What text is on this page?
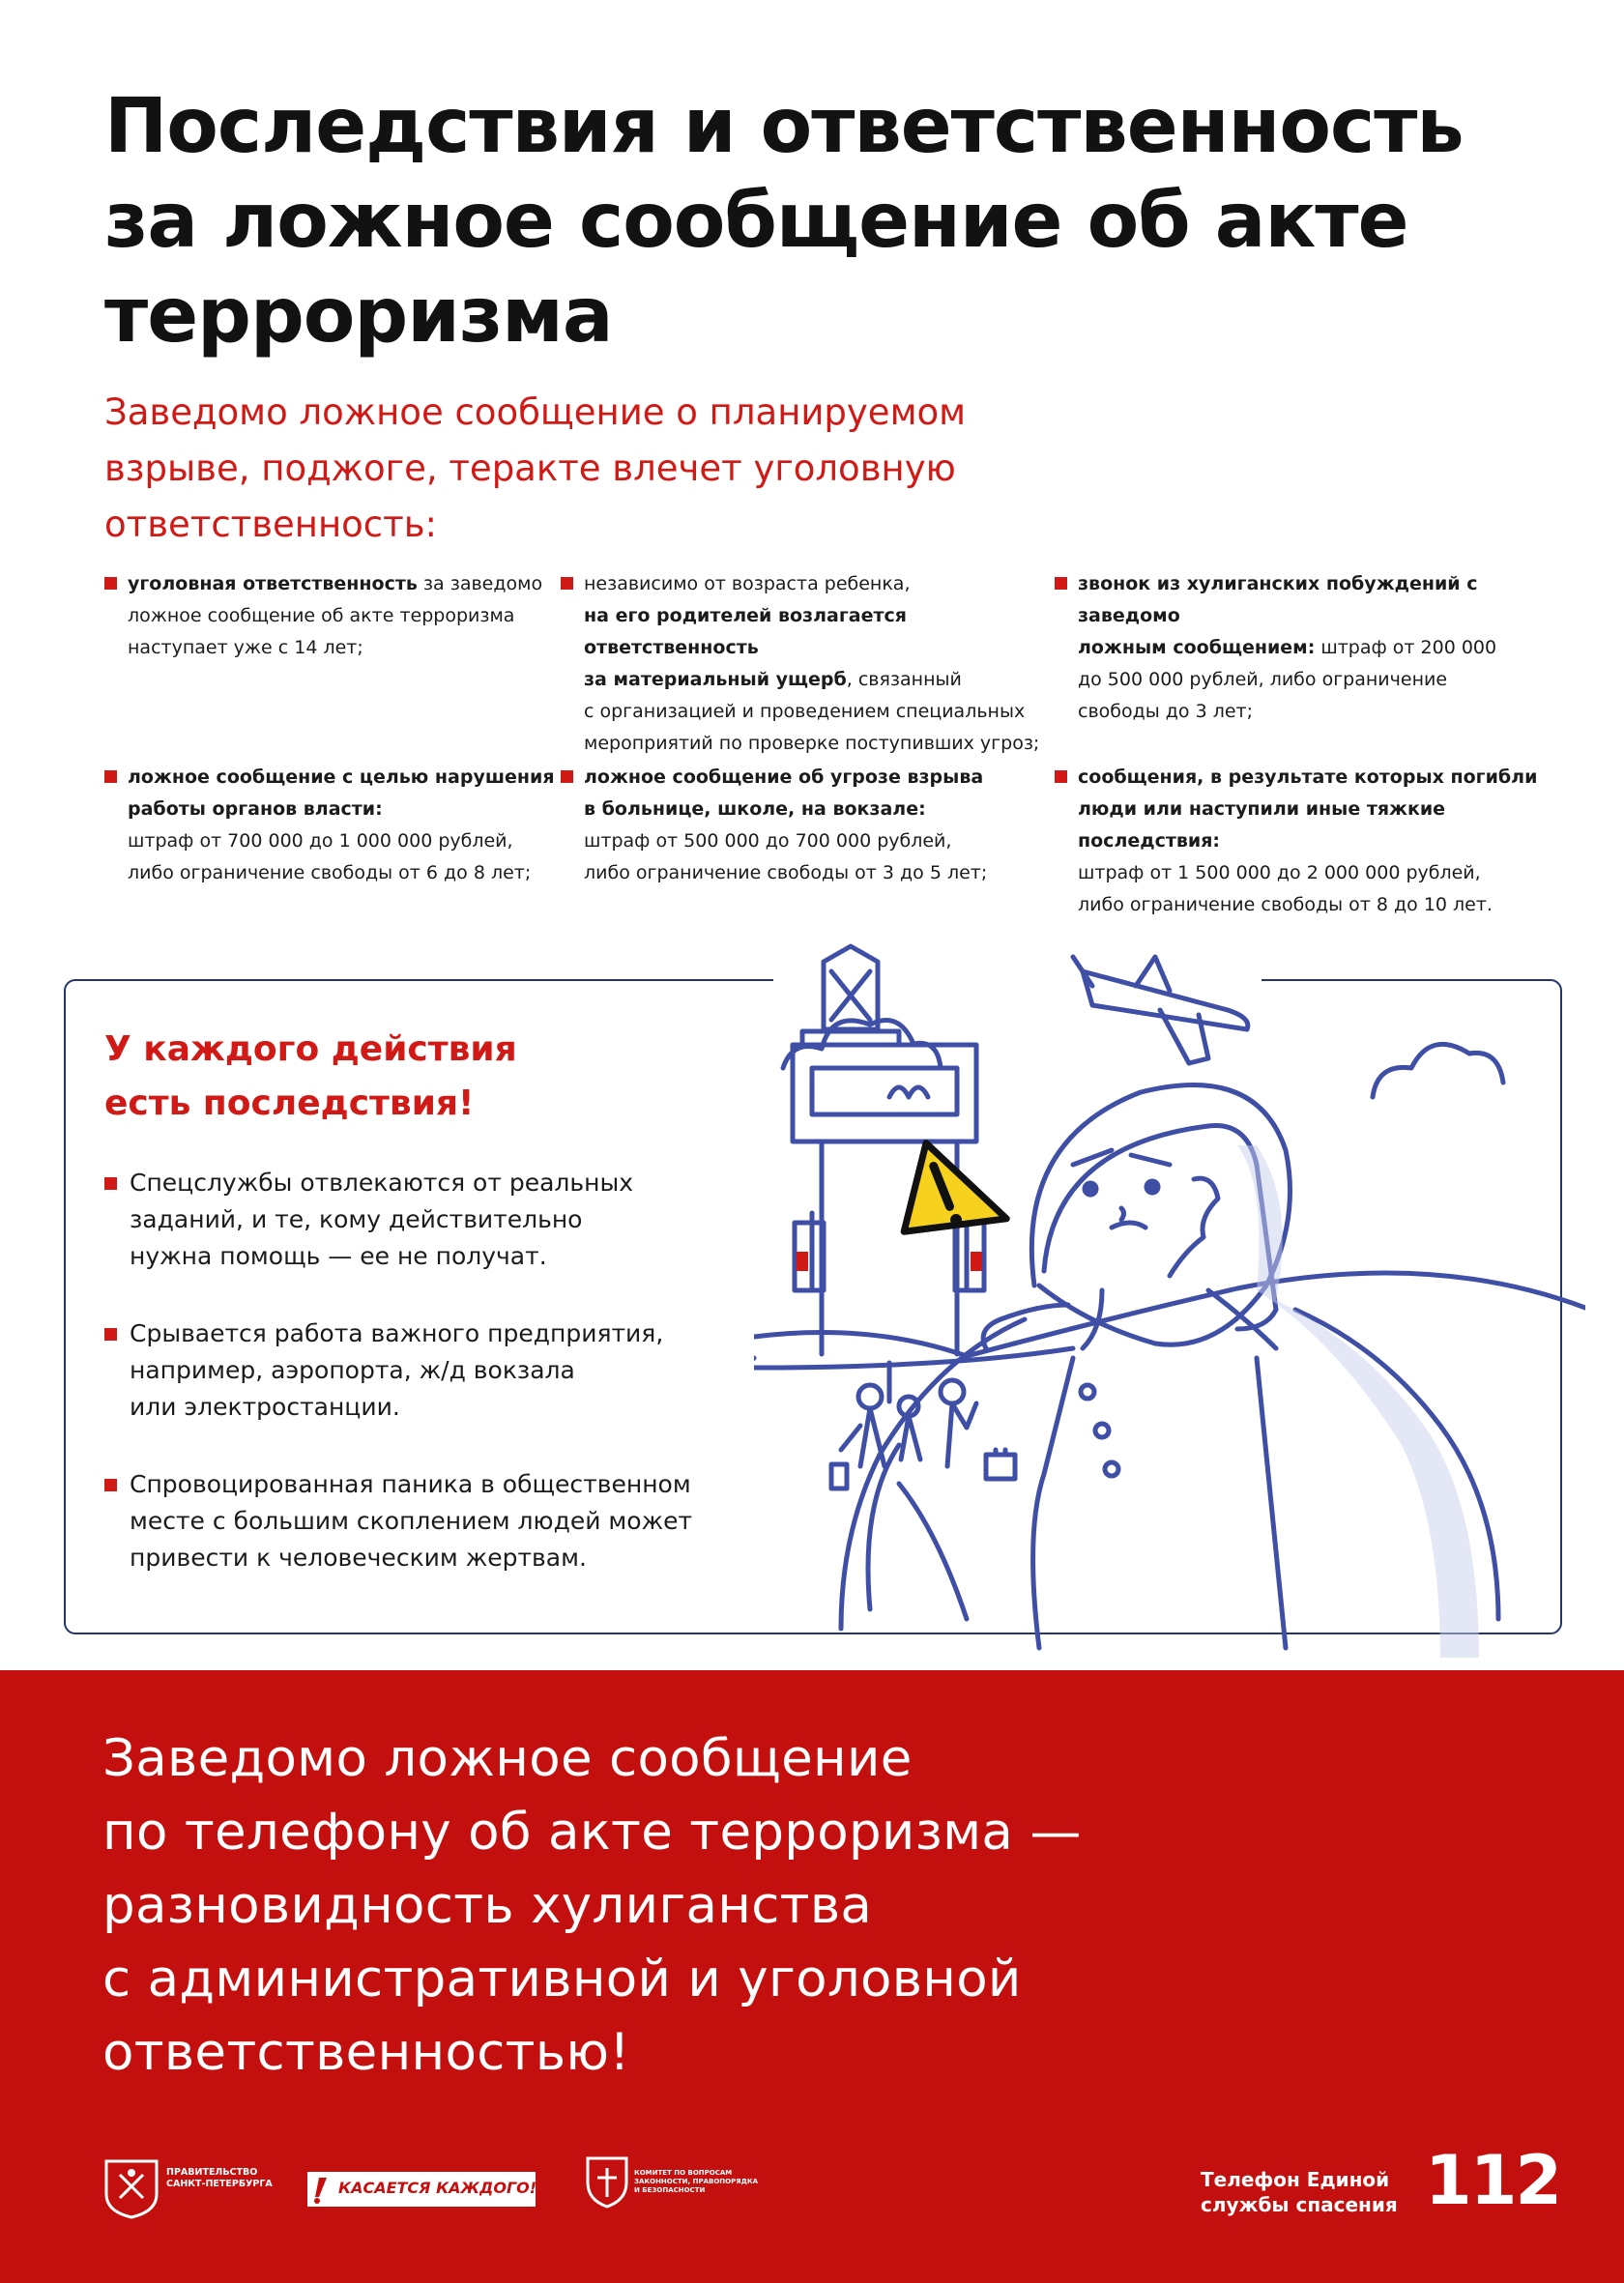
Последствия и ответственность
за ложное сообщение об акте
терроризма
Заведомо ложное сообщение о планируемом
взрыве, поджоге, теракте влечет уголовную
ответственность:
уголовная ответственность за заведомо
ложное сообщение об акте терроризма
наступает уже с 14 лет;
независимо от возраста ребенка,
на его родителей возлагается ответственность
за материальный ущерб, связанный
с организацией и проведением специальных
мероприятий по проверке поступивших угроз;
звонок из хулиганских побуждений с заведомо
ложным сообщением: штраф от 200 000
до 500 000 рублей, либо ограничение
свободы до 3 лет;
ложное сообщение с целью нарушения
работы органов власти:
штраф от 700 000 до 1 000 000 рублей,
либо ограничение свободы от 6 до 8 лет;
ложное сообщение об угрозе взрыва
в больнице, школе, на вокзале:
штраф от 500 000 до 700 000 рублей,
либо ограничение свободы от 3 до 5 лет;
сообщения, в результате которых погибли
люди или наступили иные тяжкие последствия:
штраф от 1 500 000 до 2 000 000 рублей,
либо ограничение свободы от 8 до 10 лет.
У каждого действия
есть последствия!
Спецслужбы отвлекаются от реальных
заданий, и те, кому действительно
нужна помощь — ее не получат.
Срывается работа важного предприятия,
например, аэропорта, ж/д вокзала
или электростанции.
Спровоцированная паника в общественном
месте с большим скоплением людей может
привести к человеческим жертвам.
Заведомо ложное сообщение
по телефону об акте терроризма —
разновидность хулиганства
с административной и уголовной
ответственностью!
ПРАВИТЕЛЬСТВО
САНКТ-ПЕТЕРБУРГА	КАСАЕТСЯ КАЖДОГО!
КОМИТЕТ ПО ВОПРОСАМ
ЗАКОННОСТИ, ПРАВОПОРЯДКА
И БЕЗОПАСНОСТИ	Телефон Единой
службы спасения 112
